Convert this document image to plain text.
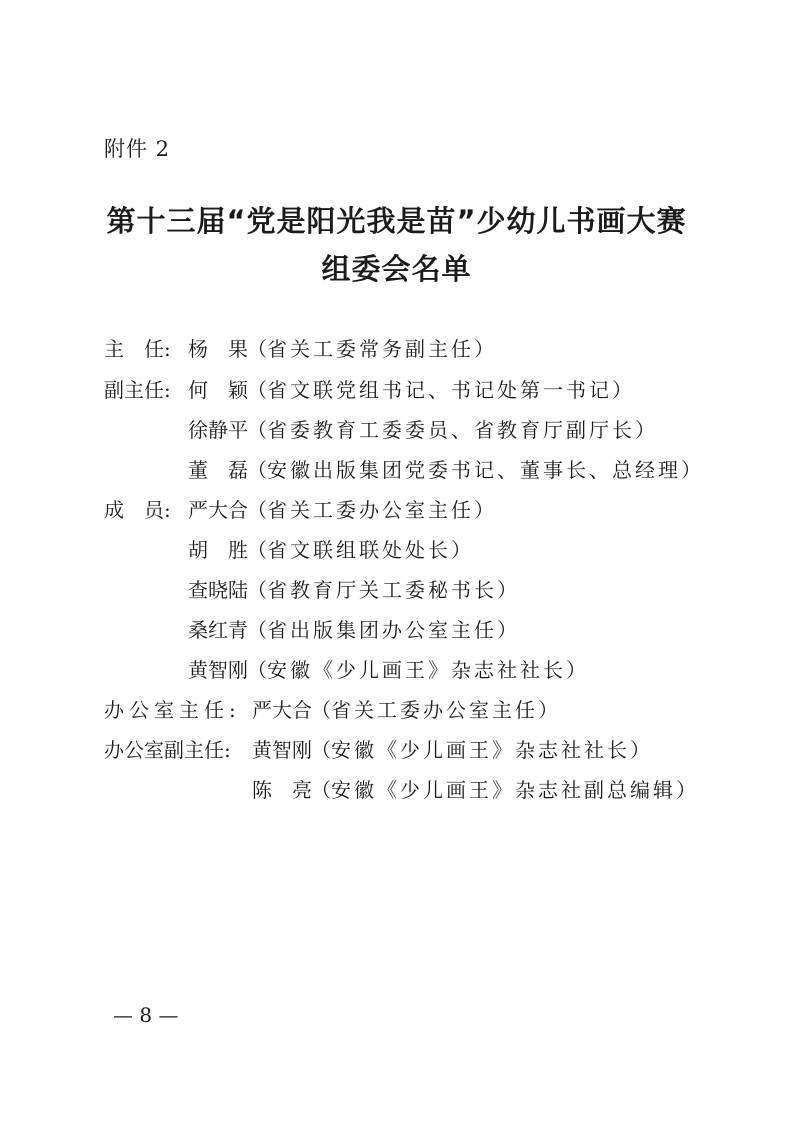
附件 2
第十三届“党是阳光我是苗”少幼儿书画大赛
组委会名单
主　任: 杨　果（省关工委常务副主任）
副主任: 何　颖（省文联党组书记、书记处第一书记）
徐静平（省委教育工委委员、省教育厅副厅长）
董　磊（安徽出版集团党委书记、董事长、总经理）
成　员: 严大合（省关工委办公室主任）
胡　胜（省文联组联处处长）
查晓陆（省教育厅关工委秘书长）
桑红青（省出版集团办公室主任）
黄智刚（安徽《少儿画王》杂志社社长）
办公室主任: 严大合（省关工委办公室主任）
办公室副主任: 黄智刚（安徽《少儿画王》杂志社社长）
陈　亮（安徽《少儿画王》杂志社副总编辑）
— 8 —
